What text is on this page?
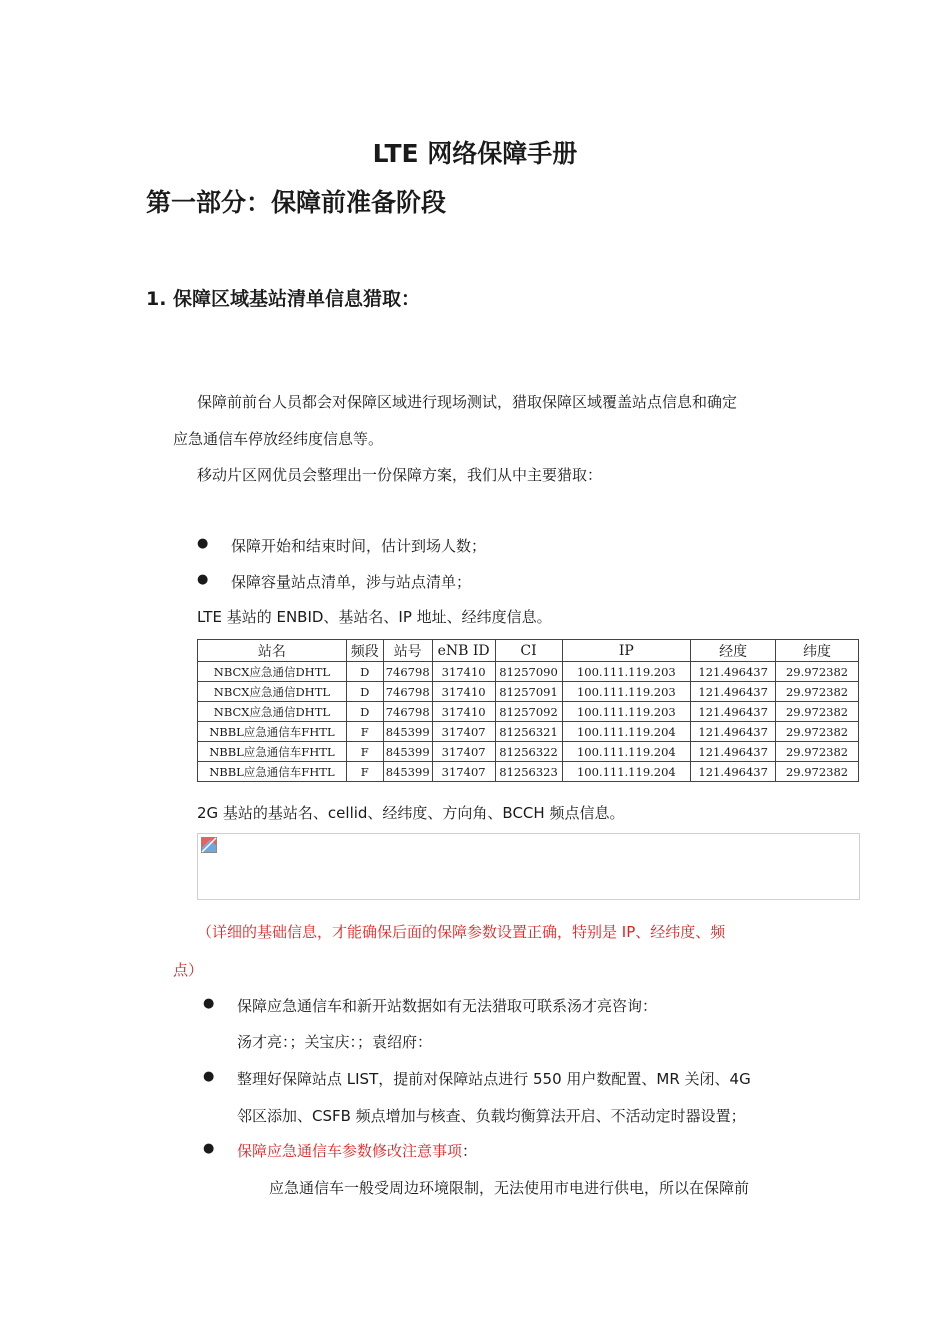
LTE 网络保障手册
第一部分：保障前准备阶段
1. 保障区域基站清单信息猎取：
保障前前台人员都会对保障区域进行现场测试，猎取保障区域覆盖站点信息和确定
应急通信车停放经纬度信息等。
移动片区网优员会整理出一份保障方案，我们从中主要猎取：
● 保障开始和结束时间，估计到场人数；
● 保障容量站点清单，涉与站点清单；
LTE 基站的 ENBID、基站名、IP 地址、经纬度信息。
站名	频段	站号	eNB ID	CI	IP	经度	纬度
NBCX应急通信DHTL	D	746798	317410	81257090	100.111.119.203	121.496437	29.972382
NBCX应急通信DHTL	D	746798	317410	81257091	100.111.119.203	121.496437	29.972382
NBCX应急通信DHTL	D	746798	317410	81257092	100.111.119.203	121.496437	29.972382
NBBL应急通信车FHTL	F	845399	317407	81256321	100.111.119.204	121.496437	29.972382
NBBL应急通信车FHTL	F	845399	317407	81256322	100.111.119.204	121.496437	29.972382
NBBL应急通信车FHTL	F	845399	317407	81256323	100.111.119.204	121.496437	29.972382
2G 基站的基站名、cellid、经纬度、方向角、BCCH 频点信息。
（详细的基础信息，才能确保后面的保障参数设置正确，特别是 IP、经纬度、频
点）
● 保障应急通信车和新开站数据如有无法猎取可联系汤才亮咨询：
汤才亮：；关宝庆：；袁绍府：
● 整理好保障站点 LIST，提前对保障站点进行 550 用户数配置、MR 关闭、4G
邻区添加、CSFB 频点增加与核查、负载均衡算法开启、不活动定时器设置；
● 保障应急通信车参数修改注意事项：
应急通信车一般受周边环境限制，无法使用市电进行供电，所以在保障前
